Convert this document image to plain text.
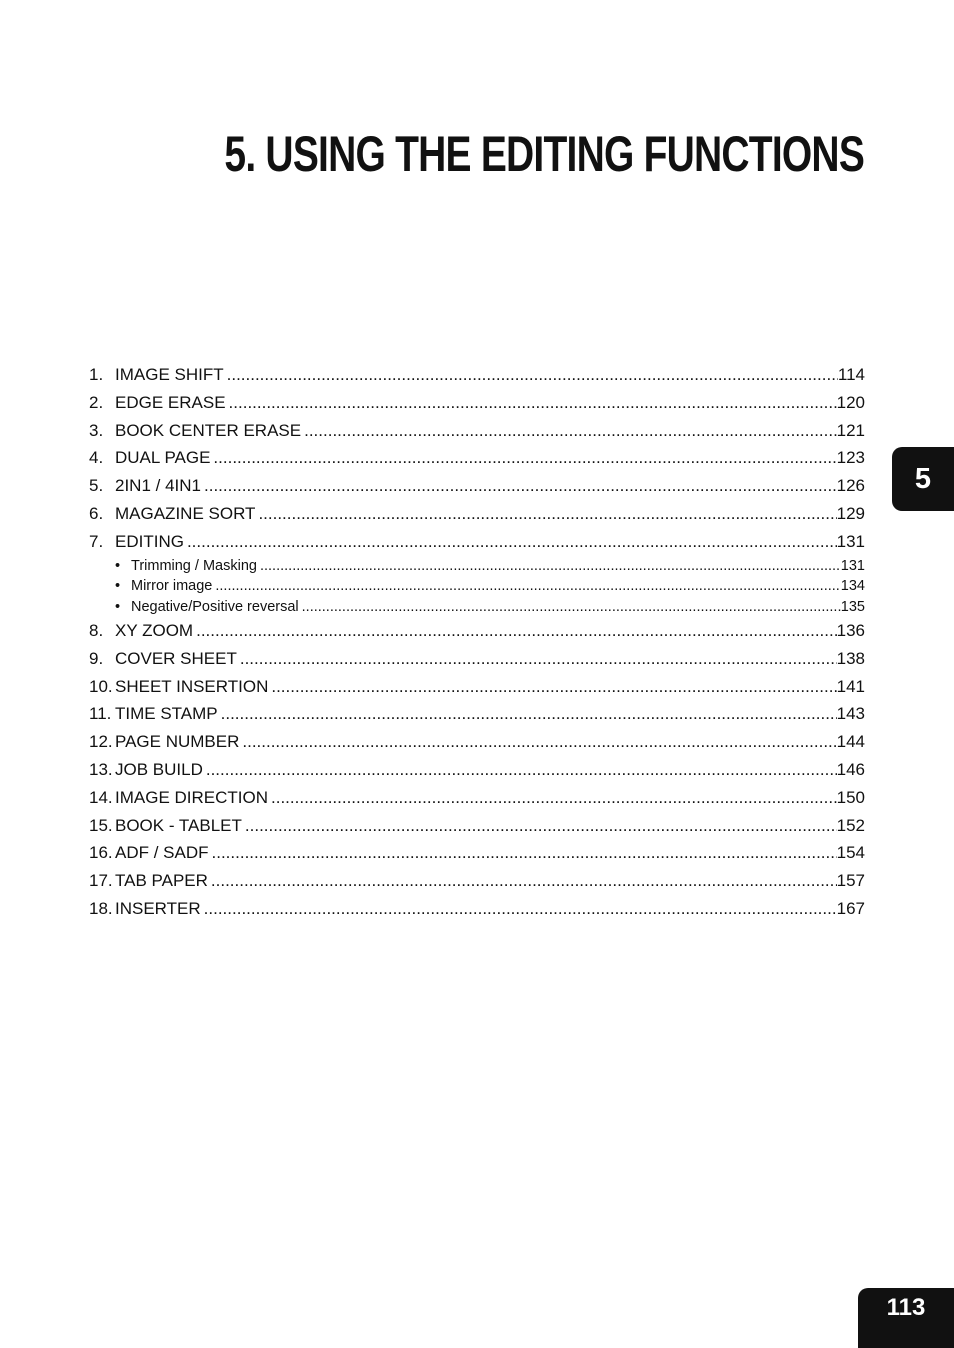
5. USING THE EDITING FUNCTIONS
1. IMAGE SHIFT .....	114
2. EDGE ERASE .....	120
3. BOOK CENTER ERASE .....	121
4. DUAL PAGE .....	123
5. 2IN1 / 4IN1 .....	126
6. MAGAZINE SORT .....	129
7. EDITING .....	131
• Trimming / Masking .....	131
• Mirror image .....	134
• Negative/Positive reversal .....	135
8. XY ZOOM .....	136
9. COVER SHEET .....	138
10. SHEET INSERTION .....	141
11. TIME STAMP .....	143
12. PAGE NUMBER .....	144
13. JOB BUILD .....	146
14. IMAGE DIRECTION .....	150
15. BOOK - TABLET .....	152
16. ADF / SADF .....	154
17. TAB PAPER .....	157
18. INSERTER .....	167
5
113
